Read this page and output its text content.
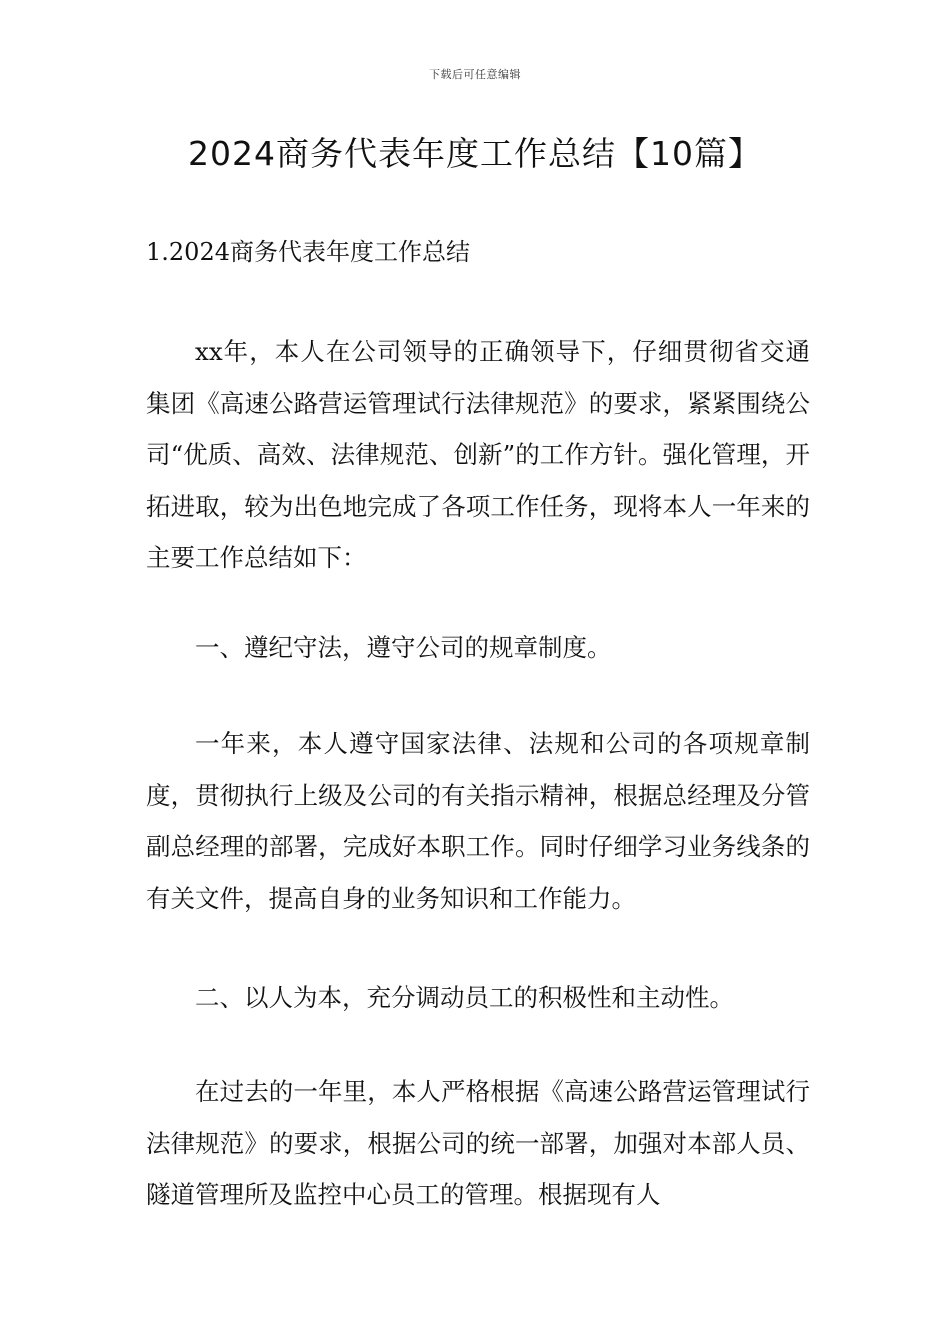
下载后可任意编辑
2024商务代表年度工作总结【10篇】
1.2024商务代表年度工作总结

xx年，本人在公司领导的正确领导下，仔细贯彻省交通集团《高速公路营运管理试行法律规范》的要求，紧紧围绕公司“优质、高效、法律规范、创新”的工作方针。强化管理，开拓进取，较为出色地完成了各项工作任务，现将本人一年来的主要工作总结如下：

一、遵纪守法，遵守公司的规章制度。

一年来，本人遵守国家法律、法规和公司的各项规章制度，贯彻执行上级及公司的有关指示精神，根据总经理及分管副总经理的部署，完成好本职工作。同时仔细学习业务线条的有关文件，提高自身的业务知识和工作能力。

二、以人为本，充分调动员工的积极性和主动性。

在过去的一年里，本人严格根据《高速公路营运管理试行法律规范》的要求，根据公司的统一部署，加强对本部人员、隧道管理所及监控中心员工的管理。根据现有人
